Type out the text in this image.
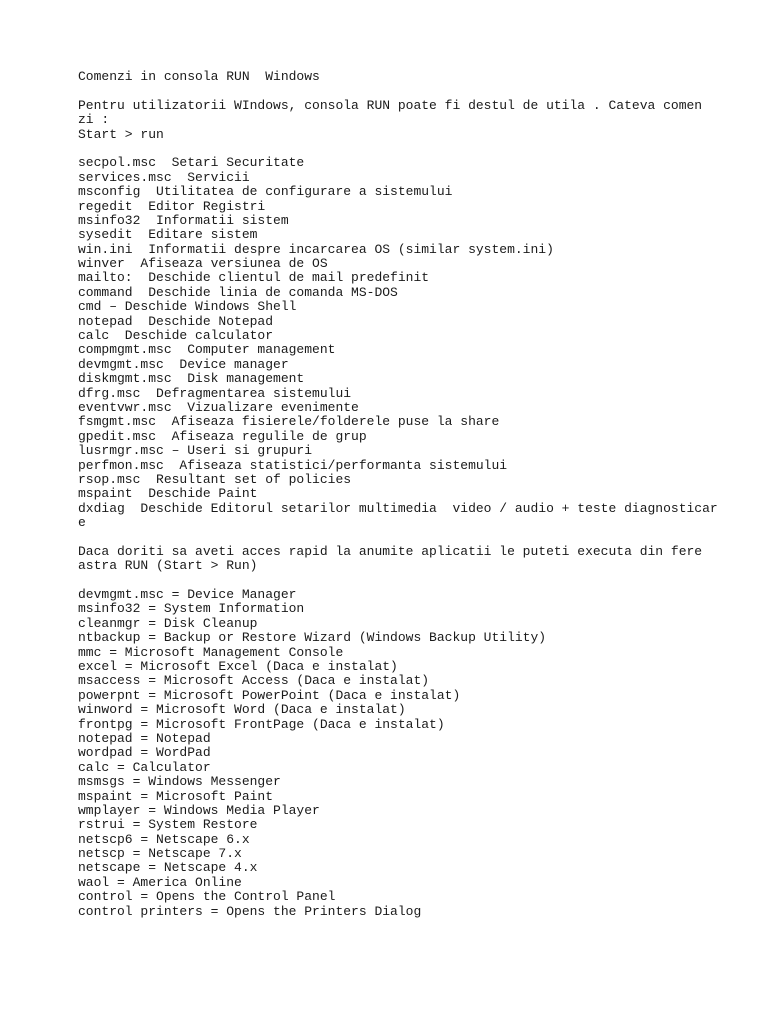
Comenzi in consola RUN  Windows
Pentru utilizatorii WIndows, consola RUN poate fi destul de utila . Cateva comen
zi :
Start > run
secpol.msc  Setari Securitate
services.msc  Servicii
msconfig  Utilitatea de configurare a sistemului
regedit  Editor Registri
msinfo32  Informatii sistem
sysedit  Editare sistem
win.ini  Informatii despre incarcarea OS (similar system.ini)
winver  Afiseaza versiunea de OS
mailto:  Deschide clientul de mail predefinit
command  Deschide linia de comanda MS-DOS
cmd – Deschide Windows Shell
notepad  Deschide Notepad
calc  Deschide calculator
compmgmt.msc  Computer management
devmgmt.msc  Device manager
diskmgmt.msc  Disk management
dfrg.msc  Defragmentarea sistemului
eventvwr.msc  Vizualizare evenimente
fsmgmt.msc  Afiseaza fisierele/folderele puse la share
gpedit.msc  Afiseaza regulile de grup
lusrmgr.msc – Useri si grupuri
perfmon.msc  Afiseaza statistici/performanta sistemului
rsop.msc  Resultant set of policies
mspaint  Deschide Paint
dxdiag  Deschide Editorul setarilor multimedia  video / audio + teste diagnosticar
e
Daca doriti sa aveti acces rapid la anumite aplicatii le puteti executa din fere
astra RUN (Start > Run)
devmgmt.msc = Device Manager
msinfo32 = System Information
cleanmgr = Disk Cleanup
ntbackup = Backup or Restore Wizard (Windows Backup Utility)
mmc = Microsoft Management Console
excel = Microsoft Excel (Daca e instalat)
msaccess = Microsoft Access (Daca e instalat)
powerpnt = Microsoft PowerPoint (Daca e instalat)
winword = Microsoft Word (Daca e instalat)
frontpg = Microsoft FrontPage (Daca e instalat)
notepad = Notepad
wordpad = WordPad
calc = Calculator
msmsgs = Windows Messenger
mspaint = Microsoft Paint
wmplayer = Windows Media Player
rstrui = System Restore
netscp6 = Netscape 6.x
netscp = Netscape 7.x
netscape = Netscape 4.x
waol = America Online
control = Opens the Control Panel
control printers = Opens the Printers Dialog
